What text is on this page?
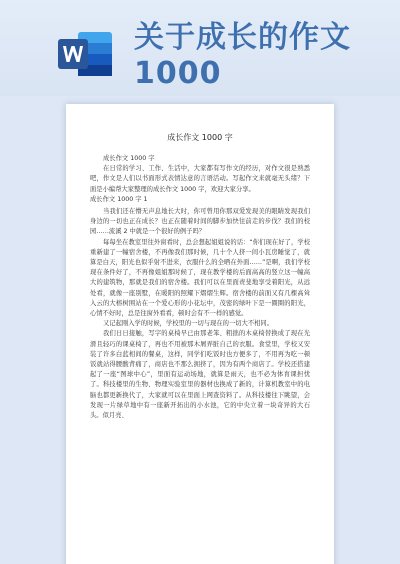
关于成长的作文1000
成长作文 1000 字

成长作文 1000 字

在日常的学习、工作、生活中，大家都有写作文的经历，对作文很是熟悉吧，作文是人们以书面形式表情达意的言语活动。写起作文来就毫无头绪？下面是小编帮大家整理的成长作文 1000 字，欢迎大家分享。

成长作文 1000 字 1

当我们还在懵无声息地长大时，你可曾用你那双爱发现美的眼睛发现我们身边的一切也正在成长？也正在随着时间的脚步加快往前走的步伐？我们的校园……流溪 2 中就是一个很好的例子吗？

每每坐在教室里往外窗看时，总会想起姐姐说的话：“你们现在好了，学校重新建了一幢宿舍楼，不再像我们那时候，几十个人挤一间小瓦房睡觉了，就算是白天，阳光也似乎射不进来，衣服什么的全晒在外面……”是啊，我们学校现在条件好了，不再像姐姐那时候了，现在教学楼的后面高高的竖立这一幢高大的建筑物，那就是我们的宿舍楼。我们可以在里面责斐地享受着阳光，从远处看，就像一座别墅，在暖阳的照耀下熠熠生辉。宿舍楼的前面又有几棵高耸入云的大榕树围站在一个爱心形的小花坛中，茂密的绿叶下是一圈圈的阳光，心情不好时，总是往窗外看看，顿时会有不一样的感觉。

又记起刚入学的时候，学校里的一切与现在的一切大不相同。

我们日日接触，写字的桌椅早已由那老笨、粗拙的木桌椅替换成了现在光滑且轻巧的课桌椅了，再也不用被那木屑弄脏自己的衣服。食堂里，学校又安装了许多白蓝相间的餐桌，这样，同学们吃饭时也方便多了，不用再为吃一顿饭就站得腰酸背痛了，商店也不那么拥挤了，因为有两个商店了。学校还搭建起了一座“图球中心”，里面有运动场地，就算是雨天，也不必为体育课担忧了。科技楼里的生物、物理实验室里的器材也换成了新的，计算机教室中的电脑也都更新换代了，大家就可以在里面上网查资料了。从科技楼往下眺望，会发现一片绿草地中有一座新开拓出的小水池，它的中央立着一块奇异的大石头。似月亮、
